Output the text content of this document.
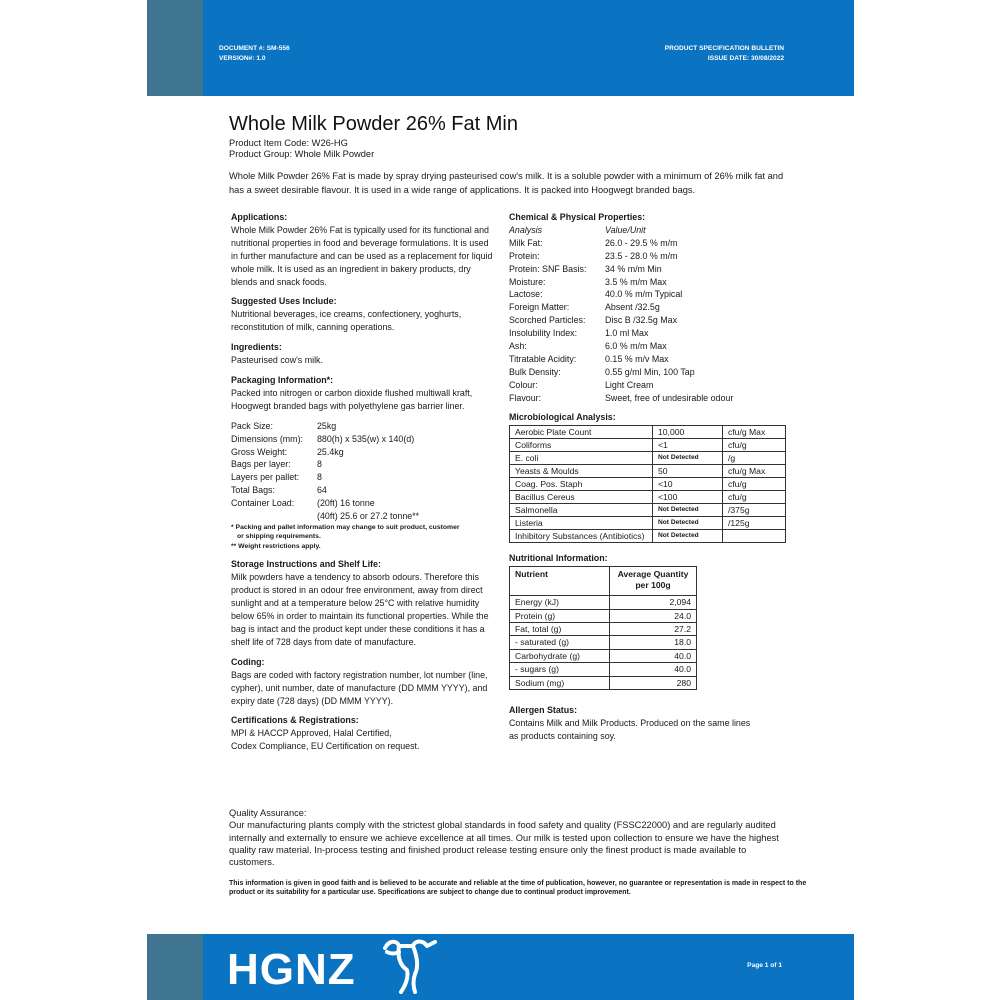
DOCUMENT #: SM-556
VERSION#: 1.0
PRODUCT SPECIFICATION BULLETIN
ISSUE DATE: 30/08/2022
Whole Milk Powder 26% Fat Min
Product Item Code: W26-HG
Product Group: Whole Milk Powder
Whole Milk Powder 26% Fat is made by spray drying pasteurised cow's milk. It is a soluble powder with a minimum of 26% milk fat and has a sweet desirable flavour. It is used in a wide range of applications. It is packed into Hoogwegt branded bags.
Applications:
Whole Milk Powder 26% Fat is typically used for its functional and nutritional properties in food and beverage formulations. It is used in further manufacture and can be used as a replacement for liquid whole milk. It is used as an ingredient in bakery products, dry blends and snack foods.
Suggested Uses Include:
Nutritional beverages, ice creams, confectionery, yoghurts, reconstitution of milk, canning operations.
Ingredients:
Pasteurised cow's milk.
Packaging Information*:
Packed into nitrogen or carbon dioxide flushed multiwall kraft, Hoogwegt branded bags with polyethylene gas barrier liner.
Pack Size:	25kg
Dimensions (mm):	880(h) x 535(w) x 140(d)
Gross Weight:	25.4kg
Bags per layer:	8
Layers per pallet:	8
Total Bags:	64
Container Load:	(20ft) 16 tonne
(40ft) 25.6 or 27.2 tonne**
* Packing and pallet information may change to suit product, customer
or shipping requirements.
** Weight restrictions apply.
Storage Instructions and Shelf Life:
Milk powders have a tendency to absorb odours. Therefore this product is stored in an odour free environment, away from direct sunlight and at a temperature below 25°C with relative humidity below 65% in order to maintain its functional properties. While the bag is intact and the product kept under these conditions it has a shelf life of 728 days from date of manufacture.
Coding:
Bags are coded with factory registration number, lot number (line, cypher), unit number, date of manufacture (DD MMM YYYY), and expiry date (728 days) (DD MMM YYYY).
Certifications & Registrations:
MPI & HACCP Approved, Halal Certified,
Codex Compliance, EU Certification on request.
Chemical & Physical Properties:
Analysis	Value/Unit
Milk Fat:	26.0 - 29.5 % m/m
Protein:	23.5 - 28.0 % m/m
Protein: SNF Basis:	34 % m/m Min
Moisture:	3.5 % m/m Max
Lactose:	40.0 % m/m Typical
Foreign Matter:	Absent /32.5g
Scorched Particles:	Disc B /32.5g Max
Insolubility Index:	1.0 ml Max
Ash:	6.0 % m/m Max
Titratable Acidity:	0.15 % m/v Max
Bulk Density:	0.55 g/ml Min, 100 Tap
Colour:	Light Cream
Flavour:	Sweet, free of undesirable odour
Microbiological Analysis:
Aerobic Plate Count	10,000	cfu/g Max
Coliforms	<1	cfu/g
E. coli	Not Detected	/g
Yeasts & Moulds	50	cfu/g Max
Coag. Pos. Staph	<10	cfu/g
Bacillus Cereus	<100	cfu/g
Salmonella	Not Detected	/375g
Listeria	Not Detected	/125g
Inhibitory Substances (Antibiotics)	Not Detected	
Nutritional Information:
Nutrient	Average Quantity
per 100g
Energy (kJ)	2,094
Protein (g)	24.0
Fat, total (g)	27.2
- saturated (g)	18.0
Carbohydrate (g)	40.0
- sugars (g)	40.0
Sodium (mg)	280
Allergen Status:
Contains Milk and Milk Products. Produced on the same lines as products containing soy.
Quality Assurance:
Our manufacturing plants comply with the strictest global standards in food safety and quality (FSSC22000) and are regularly audited internally and externally to ensure we achieve excellence at all times. Our milk is tested upon collection to ensure we have the highest quality raw material. In-process testing and finished product release testing ensure only the finest product is made available to customers.
This information is given in good faith and is believed to be accurate and reliable at the time of publication, however, no guarantee or representation is made in respect to the product or its suitability for a particular use. Specifications are subject to change due to continual product improvement.
HGNZ	Page 1 of 1
